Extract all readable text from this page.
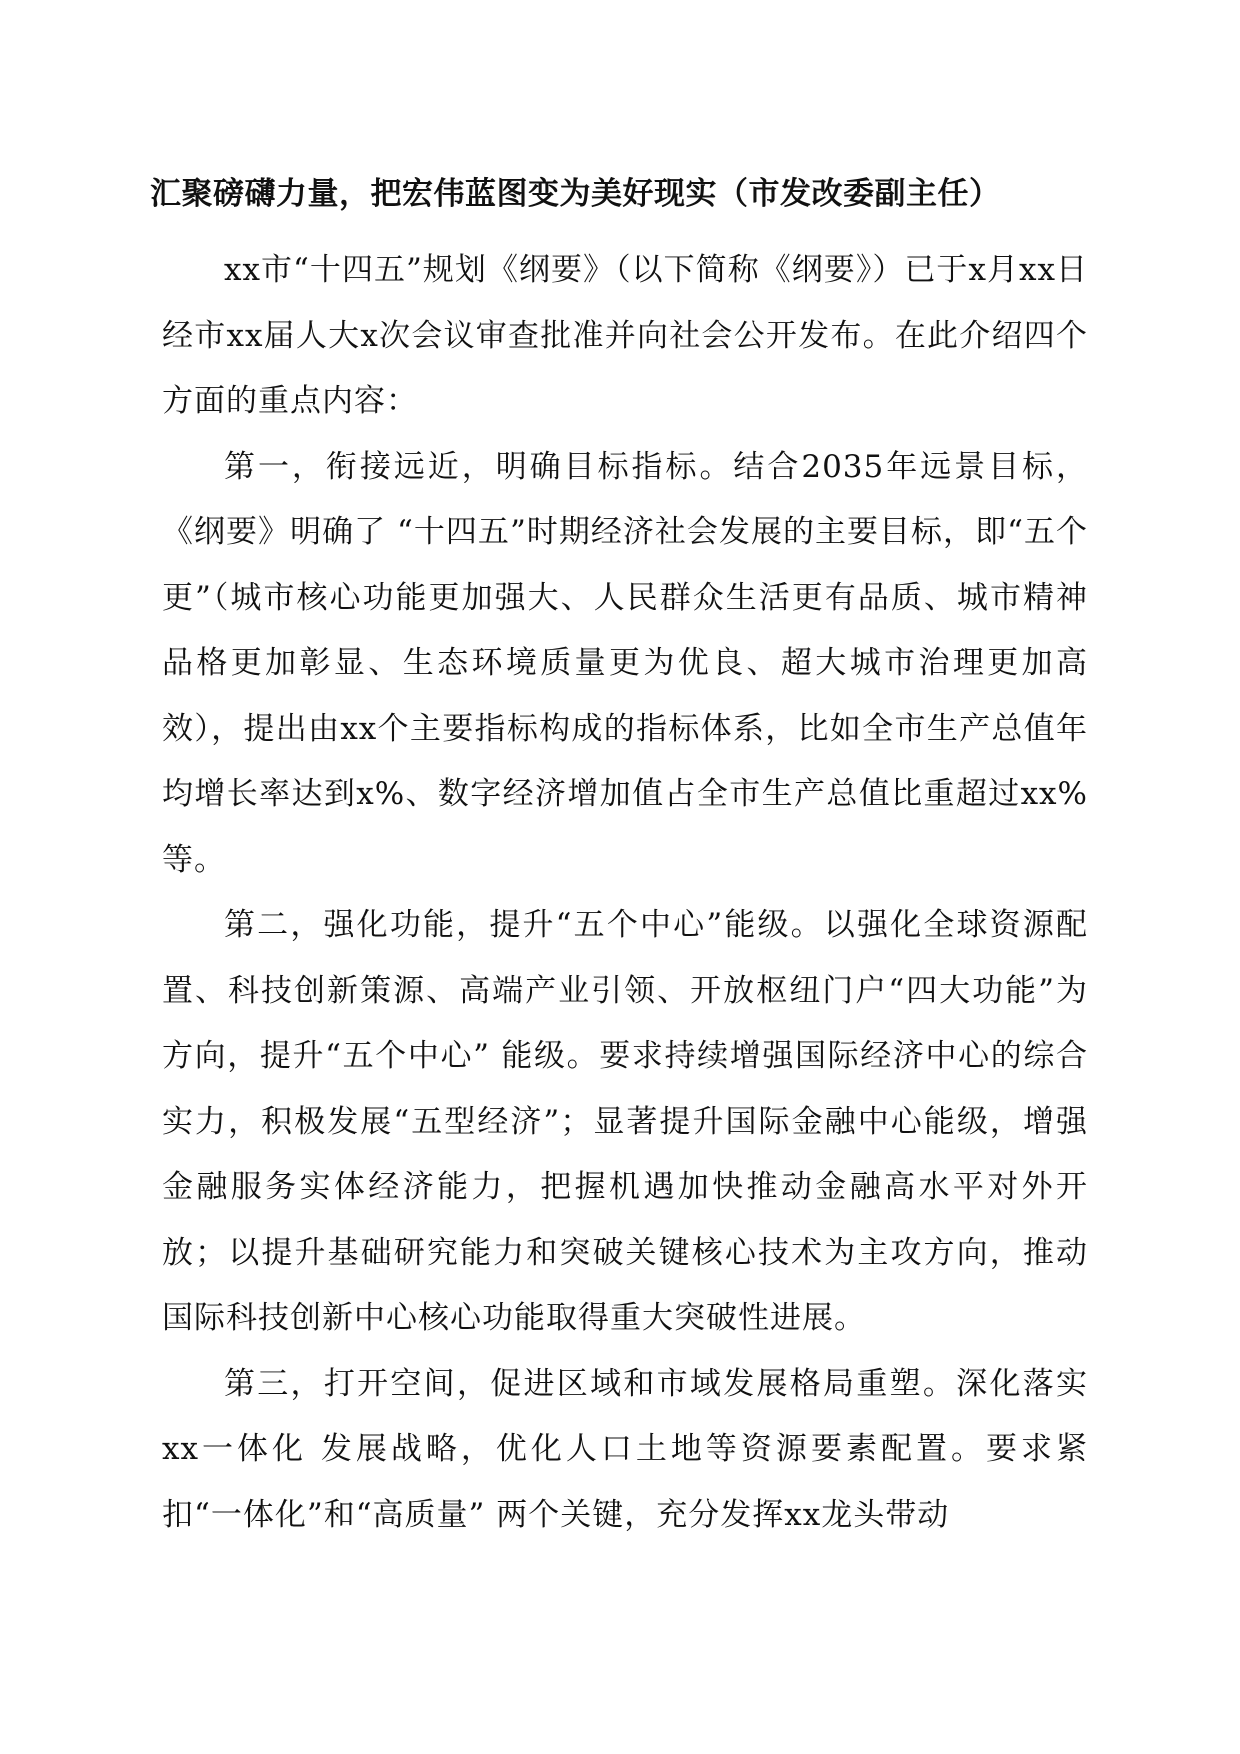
汇聚磅礴力量，把宏伟蓝图变为美好现实（市发改委副主任）

xx市“十四五”规划《纲要》（以下简称《纲要》）已于x月xx日经市xx届人大x次会议审查批准并向社会公开发布。在此介绍四个方面的重点内容：

第一，衔接远近，明确目标指标。结合2035年远景目标，《纲要》明确了 “十四五”时期经济社会发展的主要目标，即“五个更”（城市核心功能更加强大、人民群众生活更有品质、城市精神品格更加彰显、生态环境质量更为优良、超大城市治理更加高效），提出由xx个主要指标构成的指标体系，比如全市生产总值年均增长率达到x%、数字经济增加值占全市生产总值比重超过xx%等。

第二，强化功能，提升“五个中心”能级。以强化全球资源配置、科技创新策源、高端产业引领、开放枢纽门户“四大功能”为方向，提升“五个中心” 能级。要求持续增强国际经济中心的综合实力，积极发展“五型经济”；显著提升国际金融中心能级，增强金融服务实体经济能力，把握机遇加快推动金融高水平对外开放；以提升基础研究能力和突破关键核心技术为主攻方向，推动国际科技创新中心核心功能取得重大突破性进展。

第三，打开空间，促进区域和市域发展格局重塑。深化落实xx一体化 发展战略，优化人口土地等资源要素配置。要求紧扣“一体化”和“高质量” 两个关键，充分发挥xx龙头带动
